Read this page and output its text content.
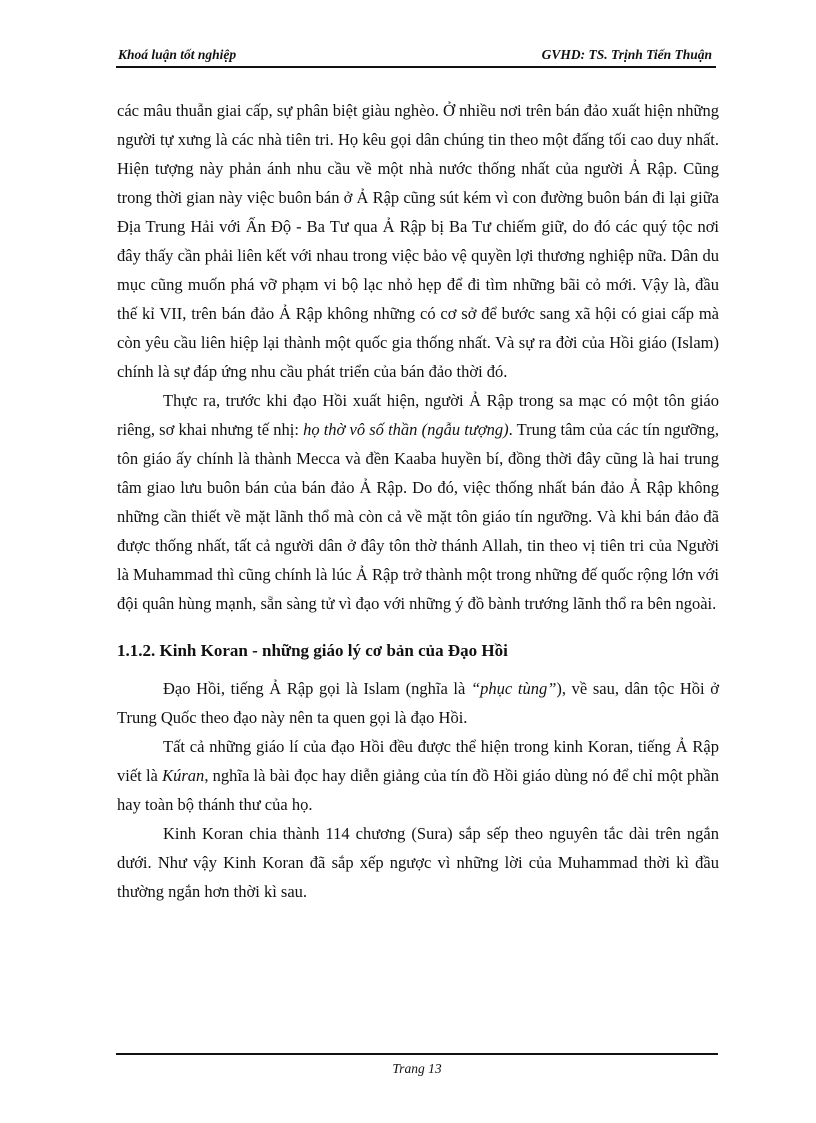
Khoá luận tốt nghiệp	GVHD: TS. Trịnh Tiến Thuận

các mâu thuẫn giai cấp, sự phân biệt giàu nghèo. Ở nhiều nơi trên bán đảo xuất hiện những người tự xưng là các nhà tiên tri. Họ kêu gọi dân chúng tin theo một đấng tối cao duy nhất. Hiện tượng này phản ánh nhu cầu về một nhà nước thống nhất của người Ả Rập. Cũng trong thời gian này việc buôn bán ở Ả Rập cũng sút kém vì con đường buôn bán đi lại giữa Địa Trung Hải với Ấn Độ - Ba Tư qua Ả Rập bị Ba Tư chiếm giữ, do đó các quý tộc nơi đây thấy cần phải liên kết với nhau trong việc bảo vệ quyền lợi thương nghiệp nữa. Dân du mục cũng muốn phá vỡ phạm vi bộ lạc nhỏ hẹp để đi tìm những bãi cỏ mới. Vậy là, đầu thế kỉ VII, trên bán đảo Ả Rập không những có cơ sở để bước sang xã hội có giai cấp mà còn yêu cầu liên hiệp lại thành một quốc gia thống nhất. Và sự ra đời của Hồi giáo (Islam) chính là sự đáp ứng nhu cầu phát triển của bán đảo thời đó.

Thực ra, trước khi đạo Hồi xuất hiện, người Ả Rập trong sa mạc có một tôn giáo riêng, sơ khai nhưng tế nhị: họ thờ vô số thần (ngẫu tượng). Trung tâm của các tín ngưỡng, tôn giáo ấy chính là thành Mecca và đền Kaaba huyền bí, đồng thời đây cũng là hai trung tâm giao lưu buôn bán của bán đảo Ả Rập. Do đó, việc thống nhất bán đảo Ả Rập không những cần thiết về mặt lãnh thổ mà còn cả về mặt tôn giáo tín ngưỡng. Và khi bán đảo đã được thống nhất, tất cả người dân ở đây tôn thờ thánh Allah, tin theo vị tiên tri của Người là Muhammad thì cũng chính là lúc Ả Rập trở thành một trong những đế quốc rộng lớn với đội quân hùng mạnh, sẵn sàng tử vì đạo với những ý đồ bành trướng lãnh thổ ra bên ngoài.

1.1.2. Kinh Koran - những giáo lý cơ bản của Đạo Hồi

Đạo Hồi, tiếng Ả Rập gọi là Islam (nghĩa là “phục tùng”), về sau, dân tộc Hồi ở Trung Quốc theo đạo này nên ta quen gọi là đạo Hồi.

Tất cả những giáo lí của đạo Hồi đều được thể hiện trong kinh Koran, tiếng Ả Rập viết là Kúran, nghĩa là bài đọc hay diễn giảng của tín đồ Hồi giáo dùng nó để chỉ một phần hay toàn bộ thánh thư của họ.

Kinh Koran chia thành 114 chương (Sura) sắp sếp theo nguyên tắc dài trên ngắn dưới. Như vậy Kinh Koran đã sắp xếp ngược vì những lời của Muhammad thời kì đầu thường ngắn hơn thời kì sau.

Trang 13
